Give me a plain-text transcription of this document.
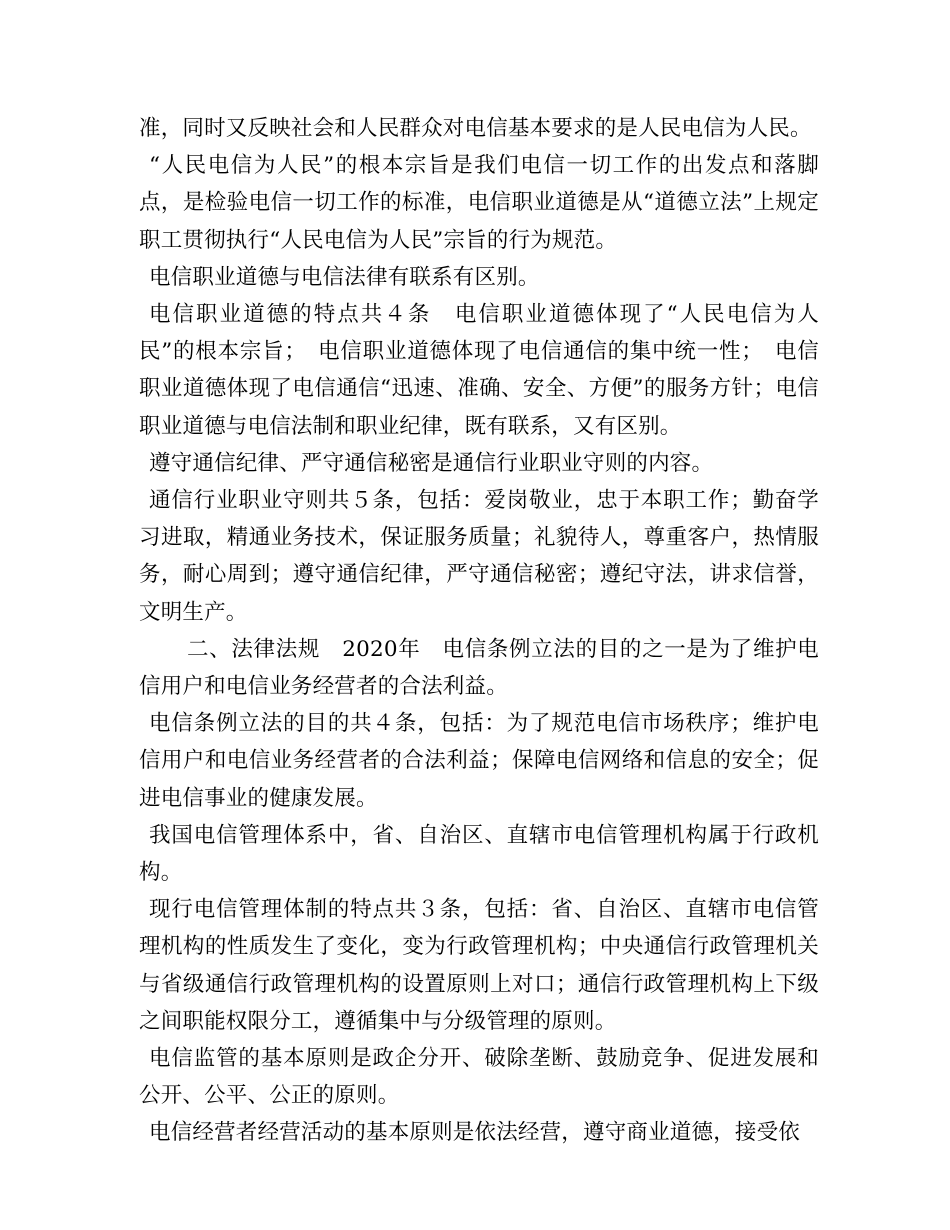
准，同时又反映社会和人民群众对电信基本要求的是人民电信为人民。

“人民电信为人民”的根本宗旨是我们电信一切工作的出发点和落脚点，是检验电信一切工作的标准，电信职业道德是从“道德立法”上规定职工贯彻执行“人民电信为人民”宗旨的行为规范。

电信职业道德与电信法律有联系有区别。

电信职业道德的特点共４条　电信职业道德体现了“人民电信为人民”的根本宗旨；　电信职业道德体现了电信通信的集中统一性；　电信职业道德体现了电信通信“迅速、准确、安全、方便”的服务方针；电信职业道德与电信法制和职业纪律，既有联系，又有区别。

遵守通信纪律、严守通信秘密是通信行业职业守则的内容。

通信行业职业守则共５条，包括：爱岗敬业，忠于本职工作；勤奋学习进取，精通业务技术，保证服务质量；礼貌待人，尊重客户，热情服务，耐心周到；遵守通信纪律，严守通信秘密；遵纪守法，讲求信誉，文明生产。

二、法律法规　2020年　电信条例立法的目的之一是为了维护电信用户和电信业务经营者的合法利益。

电信条例立法的目的共４条，包括：为了规范电信市场秩序；维护电信用户和电信业务经营者的合法利益；保障电信网络和信息的安全；促进电信事业的健康发展。

我国电信管理体系中，省、自治区、直辖市电信管理机构属于行政机构。

现行电信管理体制的特点共３条，包括：省、自治区、直辖市电信管理机构的性质发生了变化，变为行政管理机构；中央通信行政管理机关与省级通信行政管理机构的设置原则上对口；通信行政管理机构上下级之间职能权限分工，遵循集中与分级管理的原则。

电信监管的基本原则是政企分开、破除垄断、鼓励竞争、促进发展和公开、公平、公正的原则。

电信经营者经营活动的基本原则是依法经营，遵守商业道德，接受依
